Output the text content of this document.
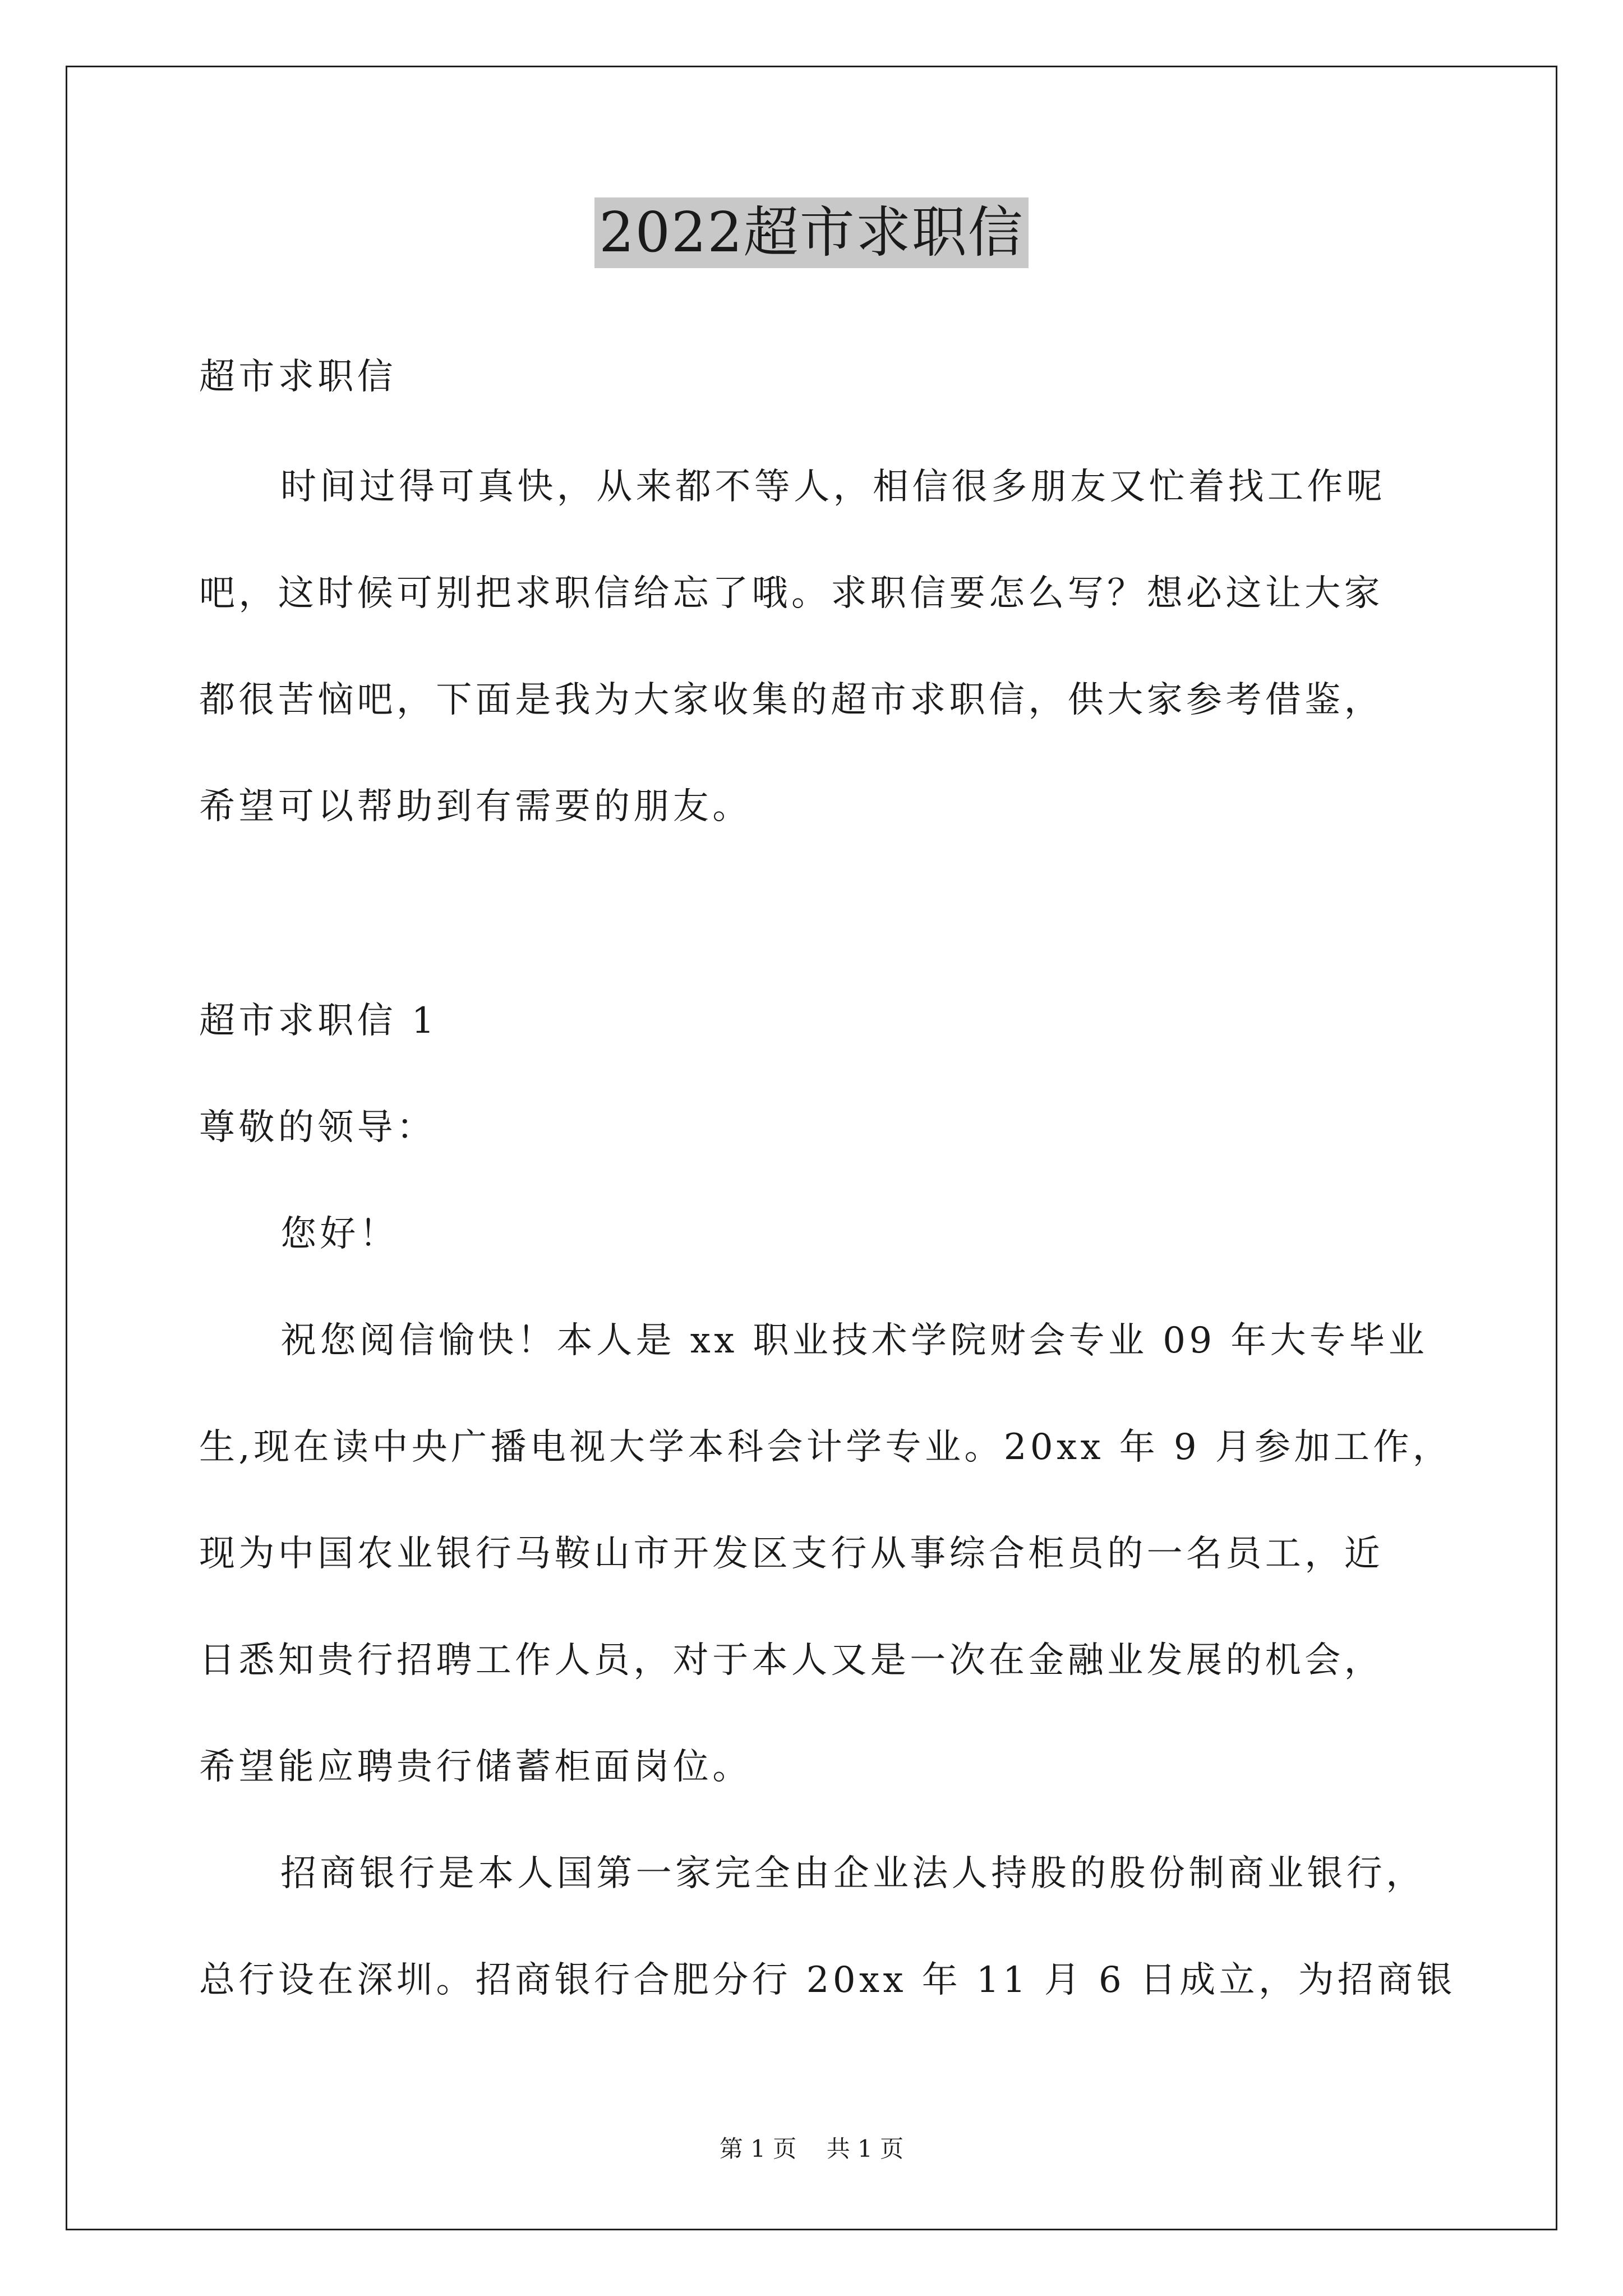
2022超市求职信
超市求职信
时间过得可真快，从来都不等人，相信很多朋友又忙着找工作呢
吧，这时候可别把求职信给忘了哦。求职信要怎么写？想必这让大家
都很苦恼吧，下面是我为大家收集的超市求职信，供大家参考借鉴，
希望可以帮助到有需要的朋友。
超市求职信 1
尊敬的领导：
您好！
祝您阅信愉快！本人是 xx 职业技术学院财会专业 09 年大专毕业
生,现在读中央广播电视大学本科会计学专业。20xx 年 9 月参加工作，
现为中国农业银行马鞍山市开发区支行从事综合柜员的一名员工，近
日悉知贵行招聘工作人员，对于本人又是一次在金融业发展的机会，
希望能应聘贵行储蓄柜面岗位。
招商银行是本人国第一家完全由企业法人持股的股份制商业银行，
总行设在深圳。招商银行合肥分行 20xx 年 11 月 6 日成立，为招商银
第 1 页    共 1 页
